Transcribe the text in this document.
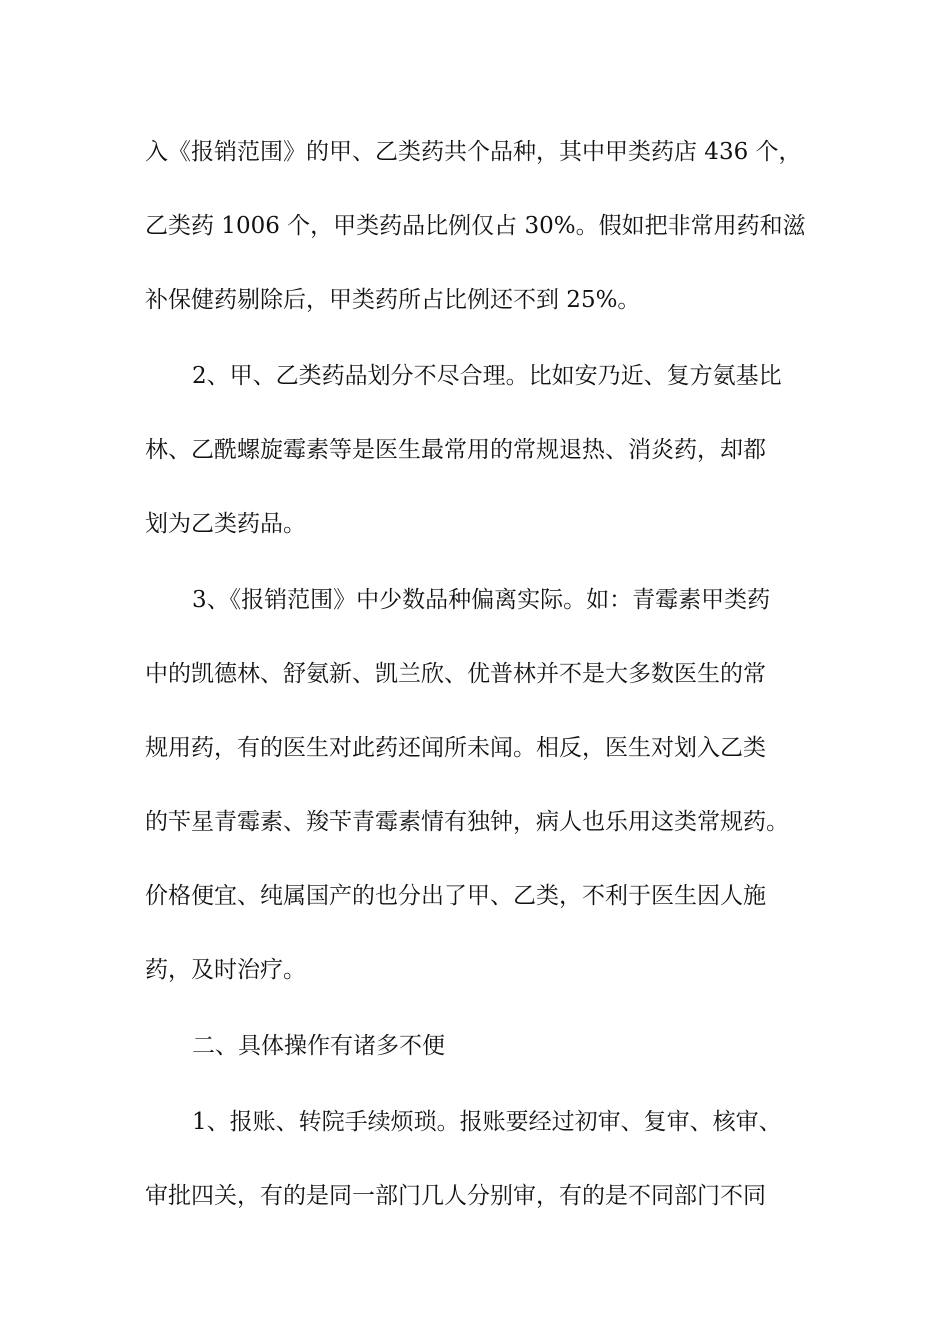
入《报销范围》的甲、乙类药共个品种，其中甲类药店 436 个，
乙类药 1006 个，甲类药品比例仅占 30%。假如把非常用药和滋
补保健药剔除后，甲类药所占比例还不到 25%。
2、甲、乙类药品划分不尽合理。比如安乃近、复方氨基比
林、乙酰螺旋霉素等是医生最常用的常规退热、消炎药，却都
划为乙类药品。
3、《报销范围》中少数品种偏离实际。如：青霉素甲类药
中的凯德林、舒氨新、凯兰欣、优普林并不是大多数医生的常
规用药，有的医生对此药还闻所未闻。相反，医生对划入乙类
的苄星青霉素、羧苄青霉素情有独钟，病人也乐用这类常规药。
价格便宜、纯属国产的也分出了甲、乙类，不利于医生因人施
药，及时治疗。
二、具体操作有诸多不便
1、报账、转院手续烦琐。报账要经过初审、复审、核审、
审批四关，有的是同一部门几人分别审，有的是不同部门不同
